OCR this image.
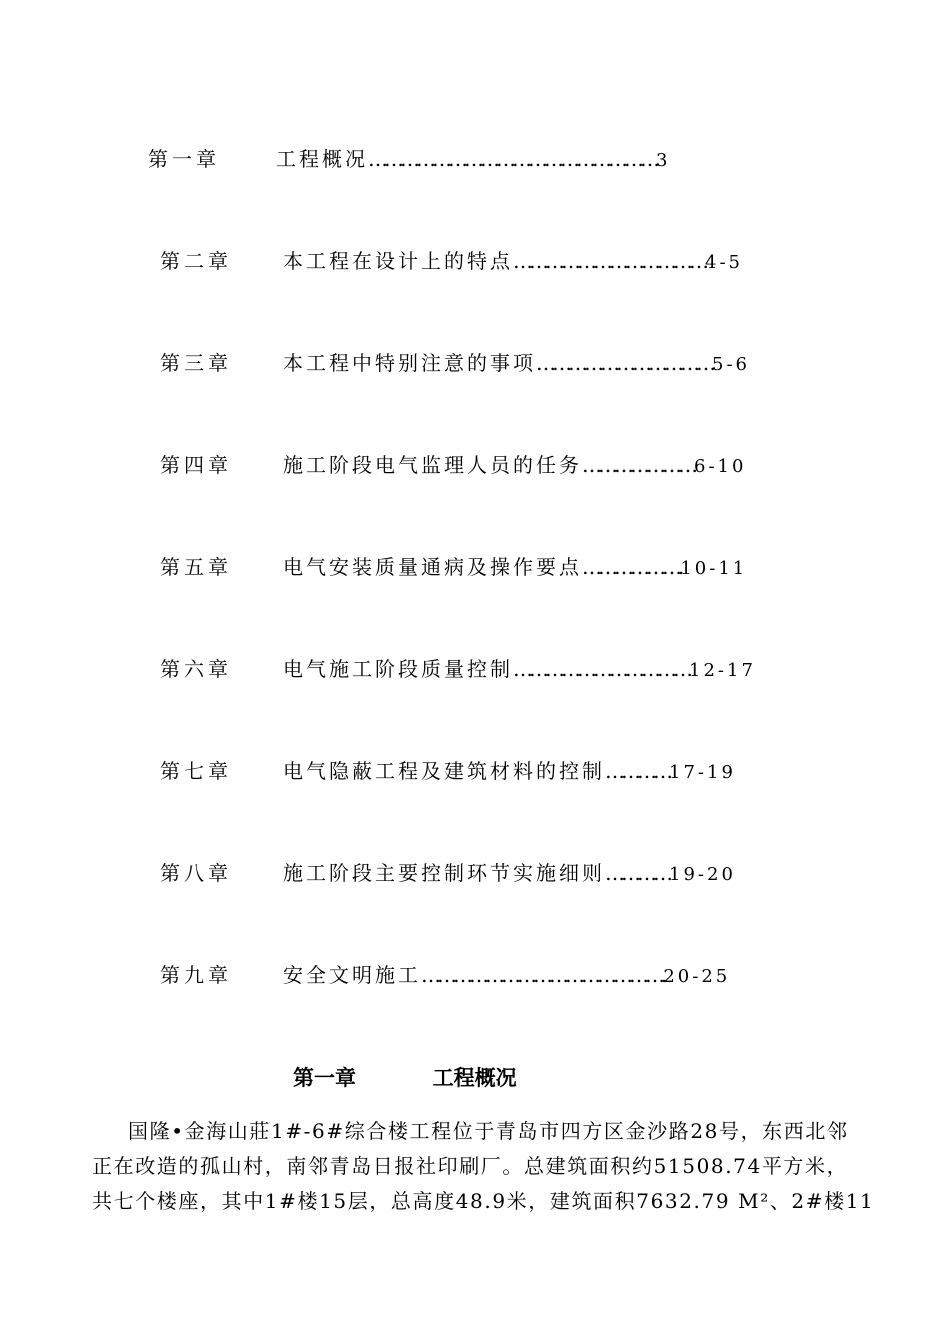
第一章	工程概况………………………………………………3
第二章	本工程在设计上的特点………………………………4-5
第三章	本工程中特别注意的事项……………………………5-6
第四章	施工阶段电气监理人员的任务…………………6-10
第五章	电气安装质量通病及操作要点……………….10-11
第六章	电气施工阶段质量控制……………………………12-17
第七章	电气隐蔽工程及建筑材料的控制…………17-19
第八章	施工阶段主要控制环节实施细则…………19-20
第九章	安全文明施工……………………………………….20-25
第一章	工程概况
国隆•金海山莊1#-6#综合楼工程位于青岛市四方区金沙路28号，东西北邻
正在改造的孤山村，南邻青岛日报社印刷厂。总建筑面积约51508.74平方米，
共七个楼座，其中1#楼15层，总高度48.9米，建筑面积7632.79 M²、2#楼11
